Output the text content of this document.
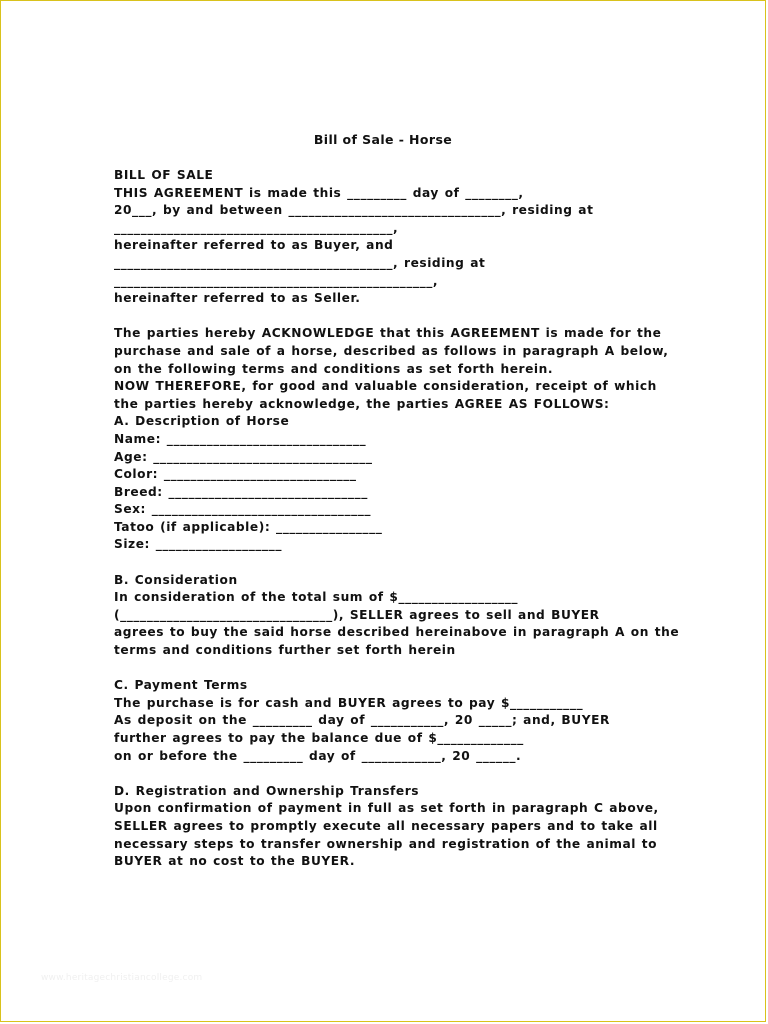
Bill of Sale - Horse
BILL OF SALE
THIS AGREEMENT is made this _________ day of ________,
20___, by and between ________________________________, residing at
__________________________________________,
hereinafter referred to as Buyer, and
__________________________________________, residing at
________________________________________________,
hereinafter referred to as Seller.
The parties hereby ACKNOWLEDGE that this AGREEMENT is made for the
purchase and sale of a horse, described as follows in paragraph A below,
on the following terms and conditions as set forth herein.
NOW THEREFORE, for good and valuable consideration, receipt of which
the parties hereby acknowledge, the parties AGREE AS FOLLOWS:
A. Description of Horse
Name: ______________________________
Age: _________________________________
Color: _____________________________
Breed: ______________________________
Sex: _________________________________
Tatoo (if applicable): ________________
Size: ___________________
B. Consideration
In consideration of the total sum of $__________________
(________________________________), SELLER agrees to sell and BUYER
agrees to buy the said horse described hereinabove in paragraph A on the
terms and conditions further set forth herein
C. Payment Terms
The purchase is for cash and BUYER agrees to pay $___________
As deposit on the _________ day of ___________, 20 _____; and, BUYER
further agrees to pay the balance due of $_____________
on or before the _________ day of ____________, 20 ______.
D. Registration and Ownership Transfers
Upon confirmation of payment in full as set forth in paragraph C above,
SELLER agrees to promptly execute all necessary papers and to take all
necessary steps to transfer ownership and registration of the animal to
BUYER at no cost to the BUYER.
www.heritagechristiancollege.com
